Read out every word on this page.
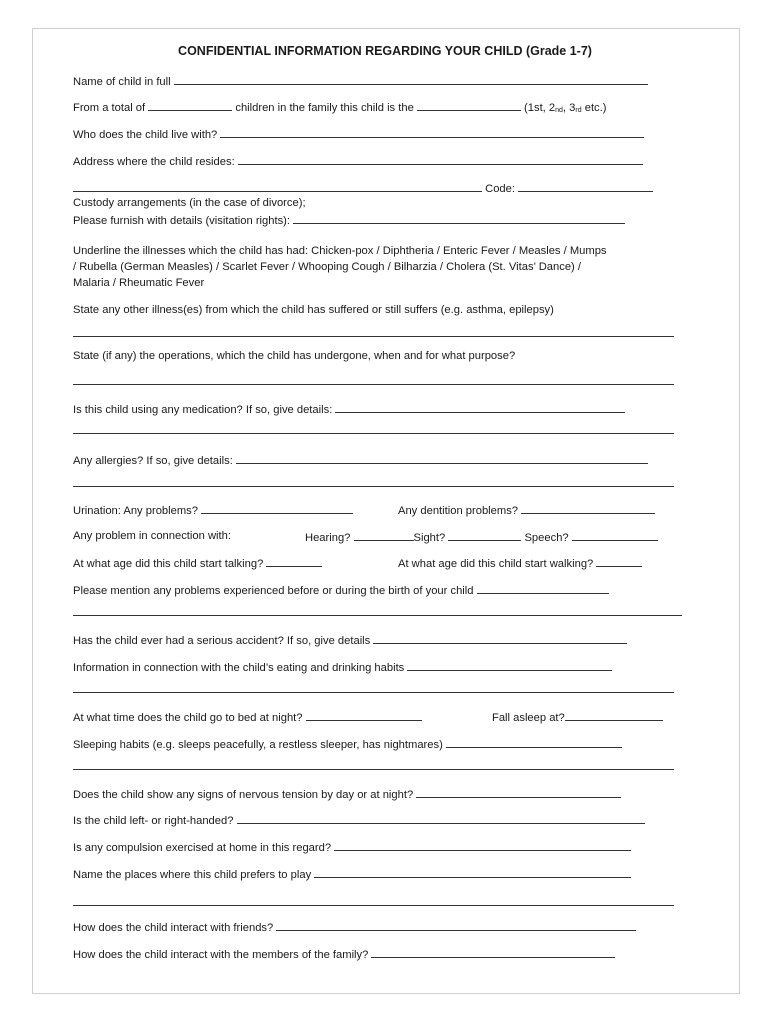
CONFIDENTIAL INFORMATION REGARDING YOUR CHILD (Grade 1-7)
Name of child in full
From a total of	children in the family this child is the	(1st, $2_{nd}$, $3_{rd}$ etc.)
Who does the child live with?
Address where the child resides:
Code:
Custody arrangements (in the case of divorce);
Please furnish with details (visitation rights):
Underline the illnesses which the child has had: Chicken-pox / Diphtheria / Enteric Fever / Measles / Mumps
/ Rubella (German Measles) / Scarlet Fever / Whooping Cough / Bilharzia / Cholera (St. Vitas’ Dance) /
Malaria / Rheumatic Fever
State any other illness(es) from which the child has suffered or still suffers (e.g. asthma, epilepsy)
State (if any) the operations, which the child has undergone, when and for what purpose?
Is this child using any medication? If so, give details:
Any allergies? If so, give details:
Urination: Any problems?	Any dentition problems?
Any problem in connection with:	Hearing?	Sight?	Speech?
At what age did this child start talking?	At what age did this child start walking?
Please mention any problems experienced before or during the birth of your child
Has the child ever had a serious accident? If so, give details
Information in connection with the child’s eating and drinking habits
At what time does the child go to bed at night?	Fall asleep at?
Sleeping habits (e.g. sleeps peacefully, a restless sleeper, has nightmares)
Does the child show any signs of nervous tension by day or at night?
Is the child left- or right-handed?
Is any compulsion exercised at home in this regard?
Name the places where this child prefers to play
How does the child interact with friends?
How does the child interact with the members of the family?
